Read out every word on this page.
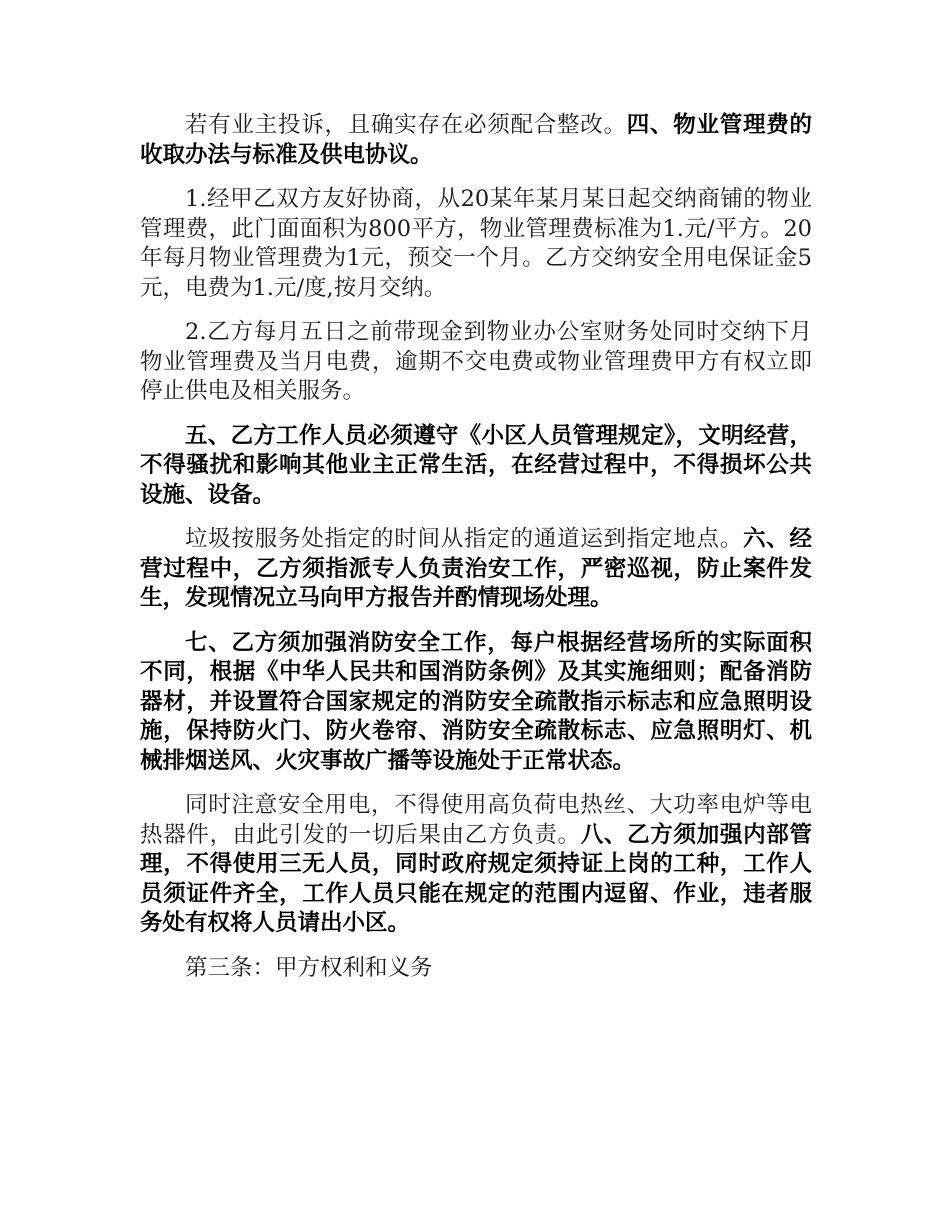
若有业主投诉，且确实存在必须配合整改。四、物业管理费的收取办法与标准及供电协议。

1.经甲乙双方友好协商，从20某年某月某日起交纳商铺的物业管理费，此门面面积为800平方，物业管理费标准为1.元/平方。20年每月物业管理费为1元，预交一个月。乙方交纳安全用电保证金5元，电费为1.元/度,按月交纳。

2.乙方每月五日之前带现金到物业办公室财务处同时交纳下月物业管理费及当月电费，逾期不交电费或物业管理费甲方有权立即停止供电及相关服务。

五、乙方工作人员必须遵守《小区人员管理规定》，文明经营，不得骚扰和影响其他业主正常生活，在经营过程中，不得损坏公共设施、设备。

垃圾按服务处指定的时间从指定的通道运到指定地点。六、经营过程中，乙方须指派专人负责治安工作，严密巡视，防止案件发生，发现情况立马向甲方报告并酌情现场处理。

七、乙方须加强消防安全工作，每户根据经营场所的实际面积不同，根据《中华人民共和国消防条例》及其实施细则；配备消防器材，并设置符合国家规定的消防安全疏散指示标志和应急照明设施，保持防火门、防火卷帘、消防安全疏散标志、应急照明灯、机械排烟送风、火灾事故广播等设施处于正常状态。

同时注意安全用电，不得使用高负荷电热丝、大功率电炉等电热器件，由此引发的一切后果由乙方负责。八、乙方须加强内部管理，不得使用三无人员，同时政府规定须持证上岗的工种，工作人员须证件齐全，工作人员只能在规定的范围内逗留、作业，违者服务处有权将人员请出小区。

第三条：甲方权利和义务
